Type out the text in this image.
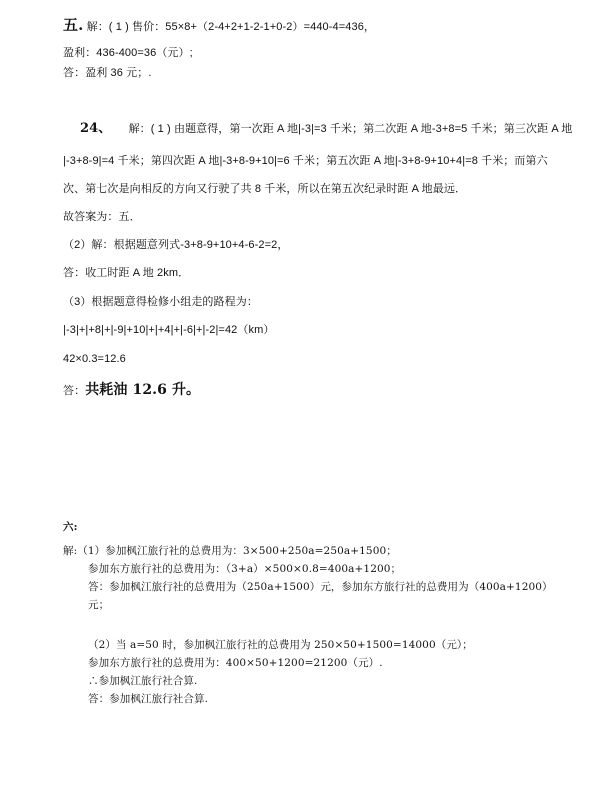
五. 解：( 1 ) 售价：55×8+（2-4+2+1-2-1+0-2）=440-4=436，
盈利：436-400=36（元）;
答：盈利 36 元；.
24、 解：( 1 ) 由题意得，第一次距 A 地|-3|=3 千米；第二次距 A 地-3+8=5 千米；第三次距 A 地
|-3+8-9|=4 千米；第四次距 A 地|-3+8-9+10|=6 千米；第五次距 A 地|-3+8-9+10+4|=8 千米；而第六
次、第七次是向相反的方向又行驶了共 8 千米，所以在第五次纪录时距 A 地最远．
故答案为：五．
（2）解：根据题意列式-3+8-9+10+4-6-2=2，
答：收工时距 A 地 2km．
（3）根据题意得检修小组走的路程为：
|-3|+|+8|+|-9|+10|+|+4|+|-6|+|-2|=42（km）
42×0.3=12.6
答：共耗油 12.6 升。
六:
解:（1）参加枫江旅行社的总费用为：3×500+250a=250a+1500；
参加东方旅行社的总费用为：（3+a）×500×0.8=400a+1200；
答：参加枫江旅行社的总费用为（250a+1500）元，参加东方旅行社的总费用为（400a+1200）
元；
（2）当 a=50 时，参加枫江旅行社的总费用为 250×50+1500=14000（元）；
参加东方旅行社的总费用为：400×50+1200=21200（元）.
∴参加枫江旅行社合算.
答：参加枫江旅行社合算.
